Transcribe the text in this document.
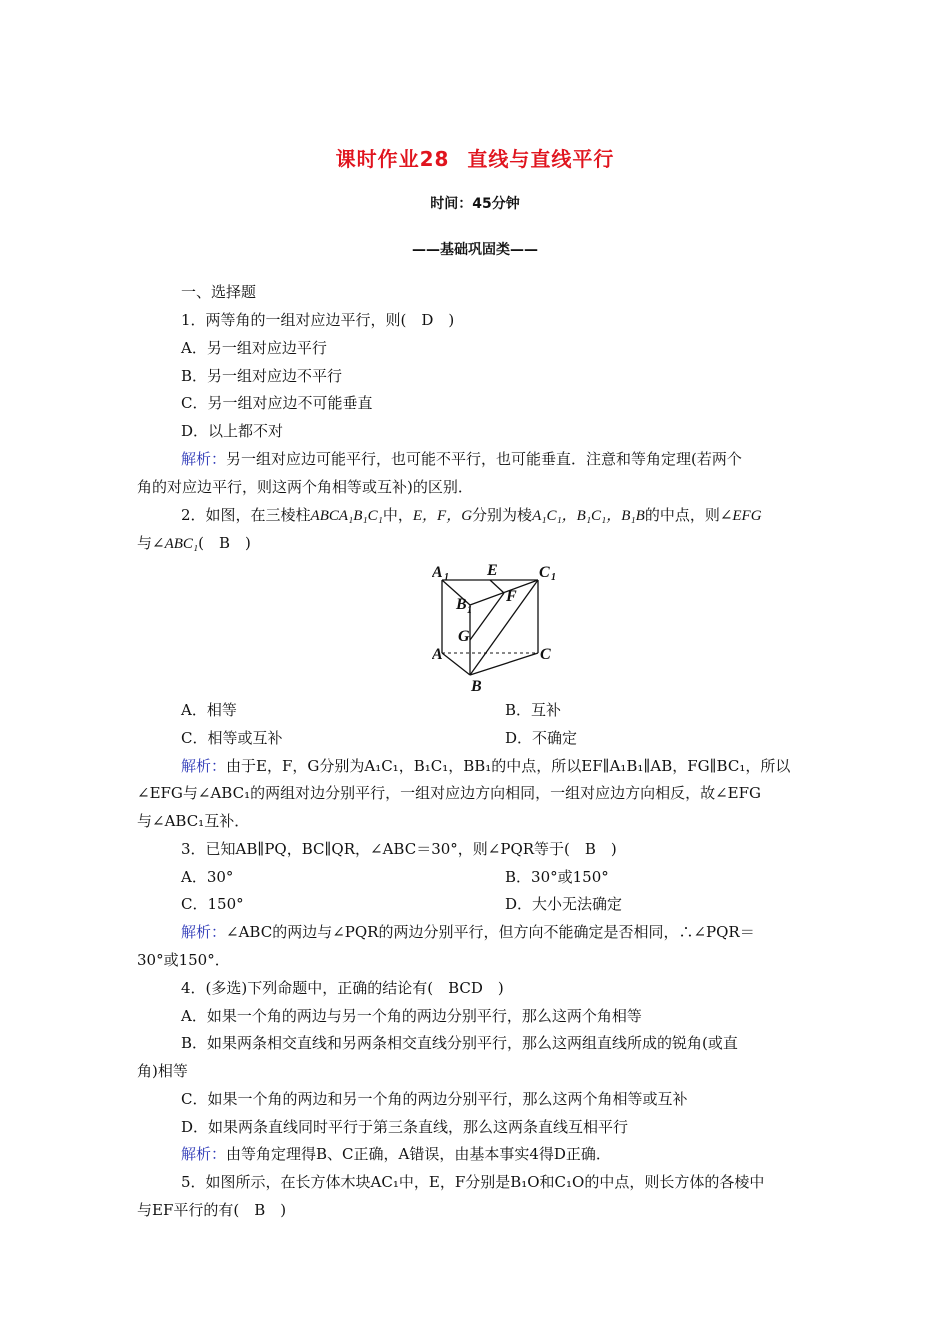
课时作业28 直线与直线平行
时间：45分钟
——基础巩固类——
一、选择题
1．两等角的一组对应边平行，则(　D　)
A．另一组对应边平行
B．另一组对应边不平行
C．另一组对应边不可能垂直
D．以上都不对
解析：另一组对应边可能平行，也可能不平行，也可能垂直．注意和等角定理(若两个
角的对应边平行，则这两个角相等或互补)的区别．
2．如图，在三棱柱ABCA₁B₁C₁中，E，F，G分别为棱A₁C₁，B₁C₁，B₁B的中点，则∠EFG
与∠ABC₁(　B　)
A 1 E	C 1
B 1
F
G
A	C
B
A．相等	B．互补
C．相等或互补	D．不确定
解析：由于E，F，G分别为A₁C₁，B₁C₁，BB₁的中点，所以EF∥A₁B₁∥AB，FG∥BC₁，所以
∠EFG与∠ABC₁的两组对边分别平行，一组对应边方向相同，一组对应边方向相反，故∠EFG
与∠ABC₁互补．
3．已知AB∥PQ，BC∥QR，∠ABC＝30°，则∠PQR等于(　B　)
A．30°	B．30°或150°
C．150°	D．大小无法确定
解析：∠ABC的两边与∠PQR的两边分别平行，但方向不能确定是否相同，∴∠PQR＝
30°或150°．
4．(多选)下列命题中，正确的结论有(　BCD　)
A．如果一个角的两边与另一个角的两边分别平行，那么这两个角相等
B．如果两条相交直线和另两条相交直线分别平行，那么这两组直线所成的锐角(或直
角)相等
C．如果一个角的两边和另一个角的两边分别平行，那么这两个角相等或互补
D．如果两条直线同时平行于第三条直线，那么这两条直线互相平行
解析：由等角定理得B、C正确，A错误，由基本事实4得D正确．
5．如图所示，在长方体木块AC₁中，E，F分别是B₁O和C₁O的中点，则长方体的各棱中
与EF平行的有(　B　)
